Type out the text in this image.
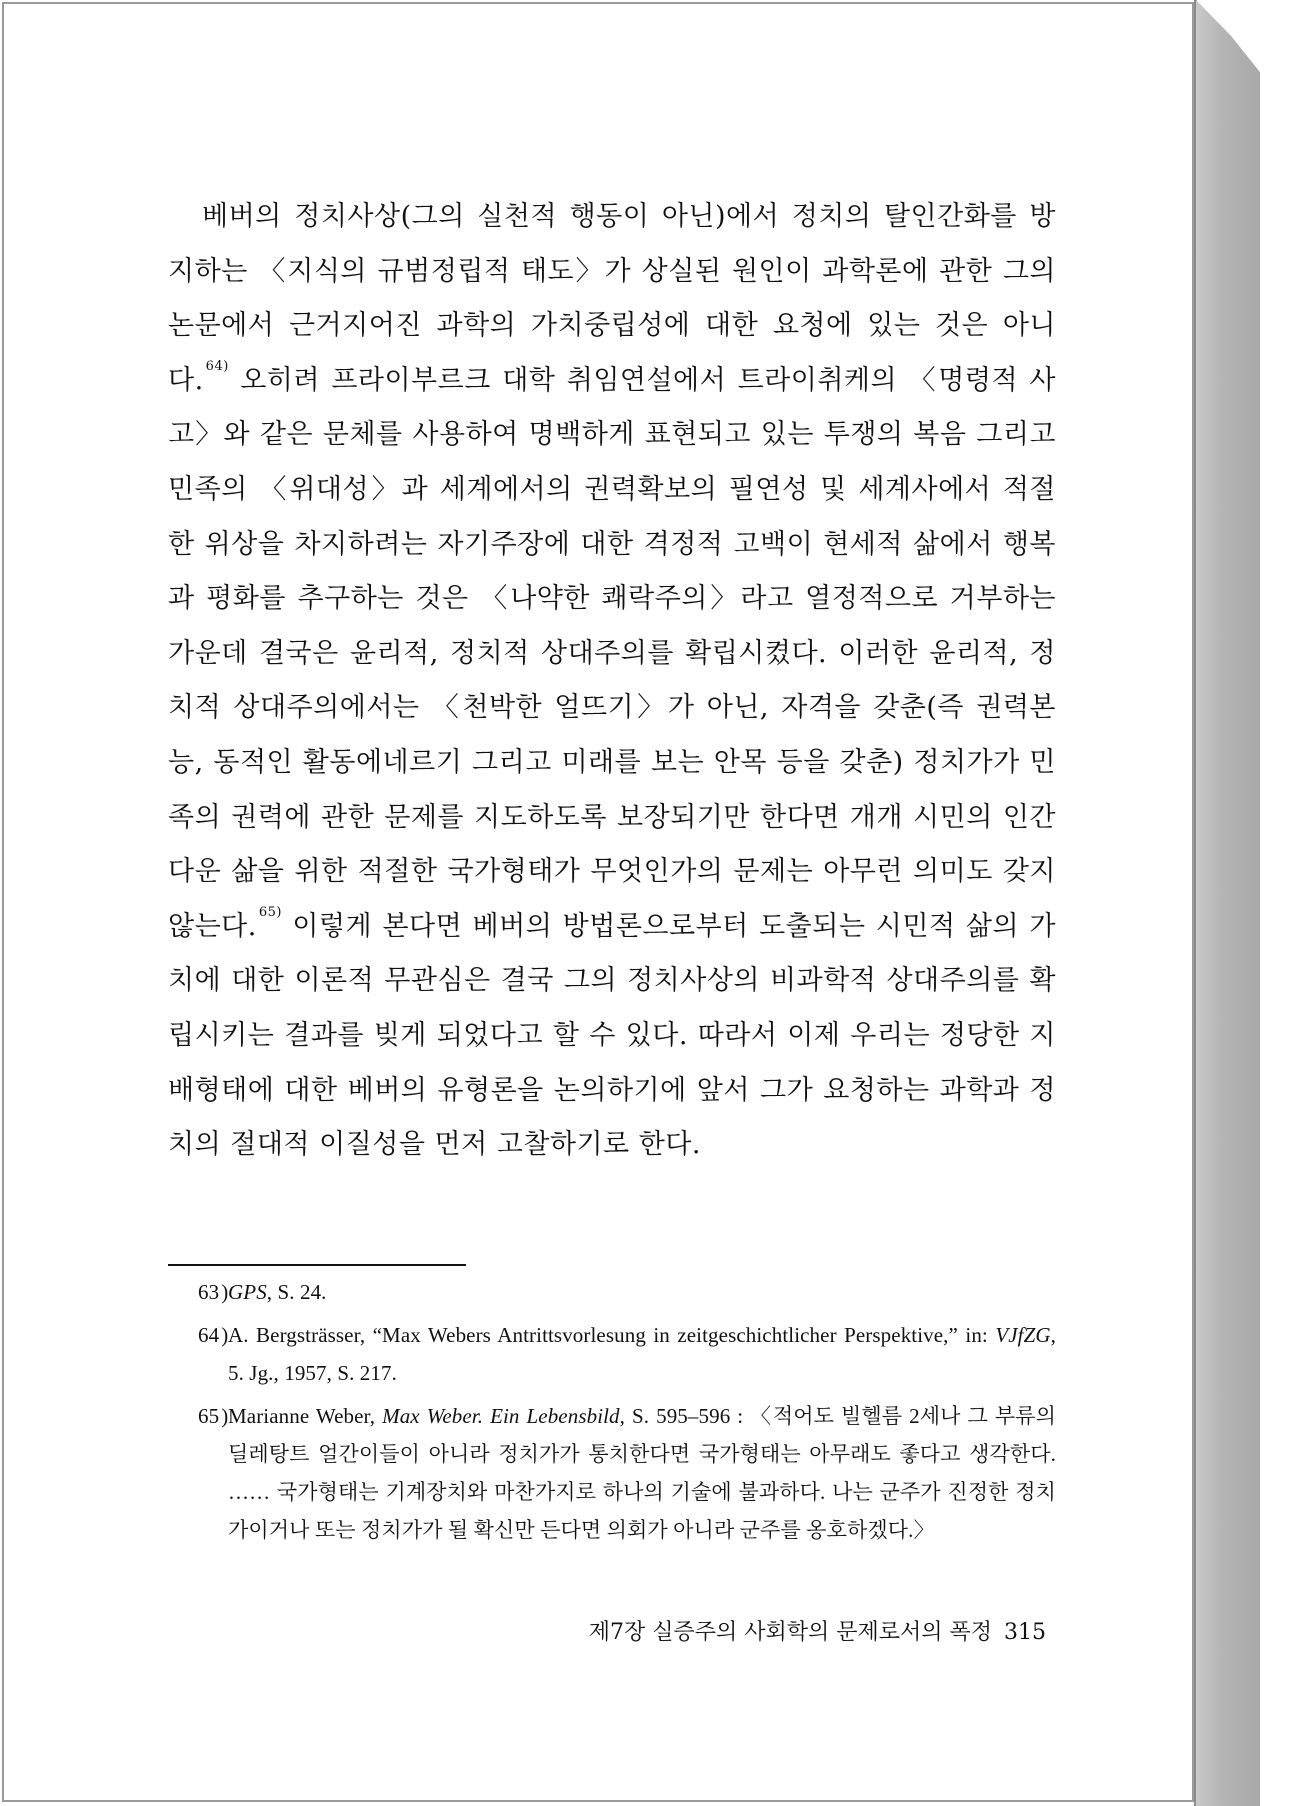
베버의 정치사상(그의 실천적 행동이 아닌)에서 정치의 탈인간화를 방지하는 〈지식의 규범정립적 태도〉가 상실된 원인이 과학론에 관한 그의 논문에서 근거지어진 과학의 가치중립성에 대한 요청에 있는 것은 아니다. $^{64)}$ 오히려 프라이부르크 대학 취임연설에서 트라이취케의 〈명령적 사고〉와 같은 문체를 사용하여 명백하게 표현되고 있는 투쟁의 복음 그리고 민족의 〈위대성〉과 세계에서의 권력확보의 필연성 및 세계사에서 적절한 위상을 차지하려는 자기주장에 대한 격정적 고백이 현세적 삶에서 행복과 평화를 추구하는 것은 〈나약한 쾌락주의〉라고 열정적으로 거부하는 가운데 결국은 윤리적, 정치적 상대주의를 확립시켰다. 이러한 윤리적, 정치적 상대주의에서는 〈천박한 얼뜨기〉가 아닌, 자격을 갖춘(즉 권력본능, 동적인 활동에네르기 그리고 미래를 보는 안목 등을 갖춘) 정치가가 민족의 권력에 관한 문제를 지도하도록 보장되기만 한다면 개개 시민의 인간다운 삶을 위한 적절한 국가형태가 무엇인가의 문제는 아무런 의미도 갖지 않는다. $^{65)}$ 이렇게 본다면 베버의 방법론으로부터 도출되는 시민적 삶의 가치에 대한 이론적 무관심은 결국 그의 정치사상의 비과학적 상대주의를 확립시키는 결과를 빚게 되었다고 할 수 있다. 따라서 이제 우리는 정당한 지배형태에 대한 베버의 유형론을 논의하기에 앞서 그가 요청하는 과학과 정치의 절대적 이질성을 먼저 고찰하기로 한다.

63 ) GPS, S. 24.
64 ) A. Bergsträsser, “Max Webers Antrittsvorlesung in zeitgeschichtlicher Perspektive,” in: VJfZG, 5. Jg., 1957, S. 217.
65 ) Marianne Weber, Max Weber. Ein Lebensbild, S. 595–596 : 〈적어도 빌헬름 2세나 그 부류의 딜레탕트 얼간이들이 아니라 정치가가 통치한다면 국가형태는 아무래도 좋다고 생각한다. …… 국가형태는 기계장치와 마찬가지로 하나의 기술에 불과하다. 나는 군주가 진정한 정치가이거나 또는 정치가가 될 확신만 든다면 의회가 아니라 군주를 옹호하겠다.〉
제7장 실증주의 사회학의 문제로서의 폭정 315
